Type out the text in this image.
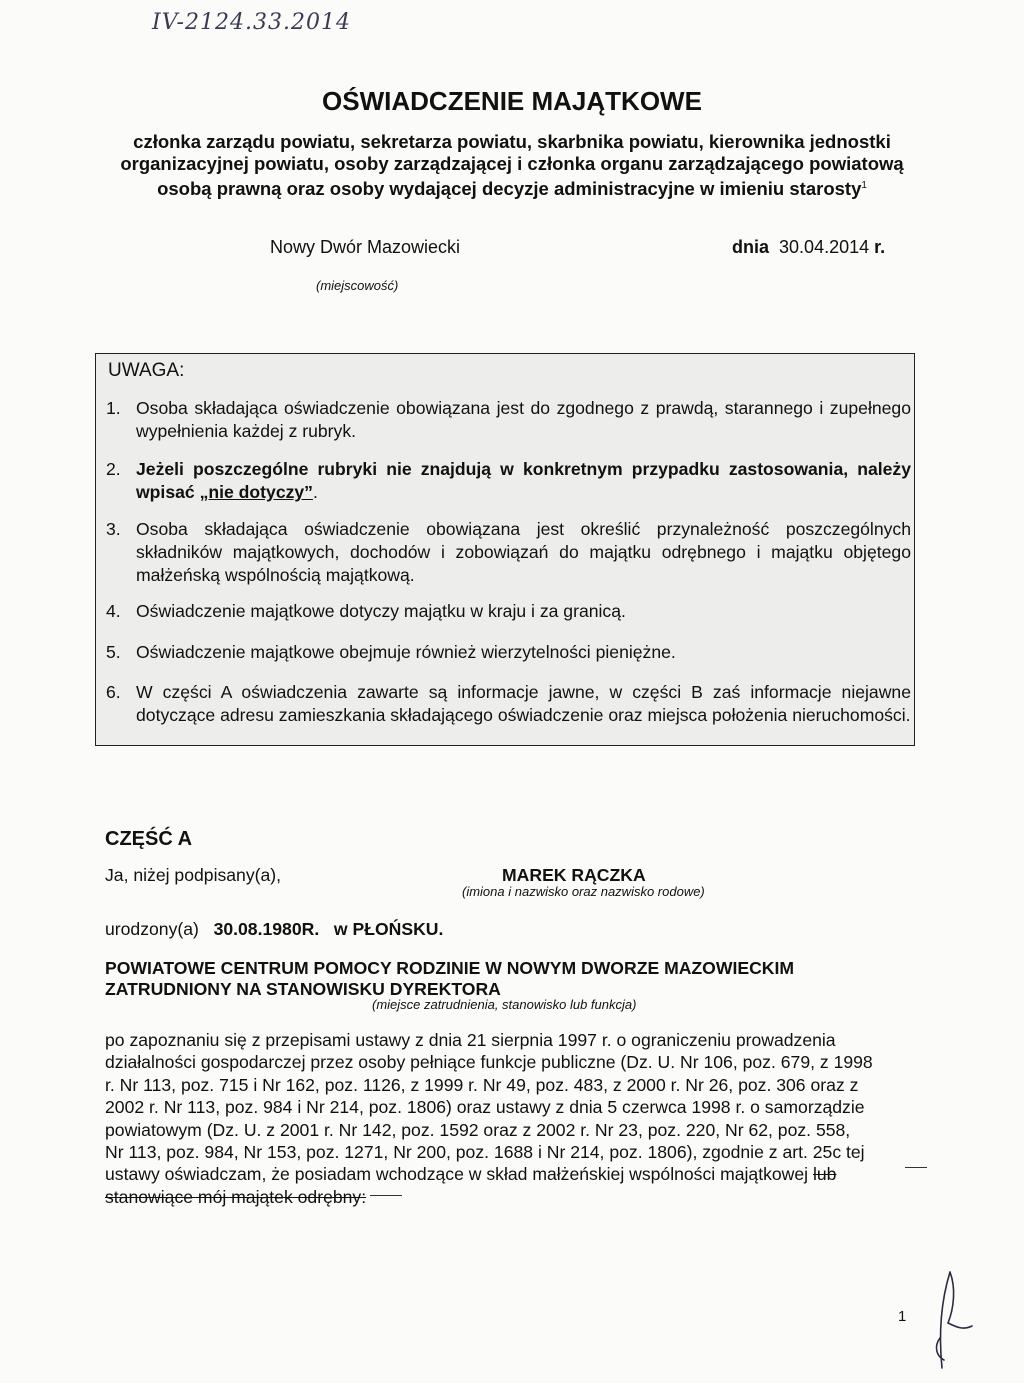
IV-2124.33.2014
OŚWIADCZENIE MAJĄTKOWE
członka zarządu powiatu, sekretarza powiatu, skarbnika powiatu, kierownika jednostki
organizacyjnej powiatu, osoby zarządzającej i członka organu zarządzającego powiatową
osobą prawną oraz osoby wydającej decyzje administracyjne w imieniu starosty$^1$
Nowy Dwór Mazowiecki
(miejscowość)
dnia 30.04.2014 r.
UWAGA:
1. Osoba składająca oświadczenie obowiązana jest do zgodnego z prawdą, starannego i zupełnego wypełnienia każdej z rubryk.
2. Jeżeli poszczególne rubryki nie znajdują w konkretnym przypadku zastosowania, należy wpisać „nie dotyczy”.
3. Osoba składająca oświadczenie obowiązana jest określić przynależność poszczególnych składników majątkowych, dochodów i zobowiązań do majątku odrębnego i majątku objętego małżeńską wspólnością majątkową.
4. Oświadczenie majątkowe dotyczy majątku w kraju i za granicą.
5. Oświadczenie majątkowe obejmuje również wierzytelności pieniężne.
6. W części A oświadczenia zawarte są informacje jawne, w części B zaś informacje niejawne dotyczące adresu zamieszkania składającego oświadczenie oraz miejsca położenia nieruchomości.
CZĘŚĆ A
Ja, niżej podpisany(a),	MAREK RĄCZKA
(imiona i nazwisko oraz nazwisko rodowe)
urodzony(a) 30.08.1980R. w PŁOŃSKU.
POWIATOWE CENTRUM POMOCY RODZINIE W NOWYM DWORZE MAZOWIECKIM
ZATRUDNIONY NA STANOWISKU DYREKTORA
(miejsce zatrudnienia, stanowisko lub funkcja)
po zapoznaniu się z przepisami ustawy z dnia 21 sierpnia 1997 r. o ograniczeniu prowadzenia
działalności gospodarczej przez osoby pełniące funkcje publiczne (Dz. U. Nr 106, poz. 679, z 1998
r. Nr 113, poz. 715 i Nr 162, poz. 1126, z 1999 r. Nr 49, poz. 483, z 2000 r. Nr 26, poz. 306 oraz z
2002 r. Nr 113, poz. 984 i Nr 214, poz. 1806) oraz ustawy z dnia 5 czerwca 1998 r. o samorządzie
powiatowym (Dz. U. z 2001 r. Nr 142, poz. 1592 oraz z 2002 r. Nr 23, poz. 220, Nr 62, poz. 558,
Nr 113, poz. 984, Nr 153, poz. 1271, Nr 200, poz. 1688 i Nr 214, poz. 1806), zgodnie z art. 25c tej
ustawy oświadczam, że posiadam wchodzące w skład małżeńskiej wspólności majątkowej lub
stanowiące mój majątek odrębny:
1
